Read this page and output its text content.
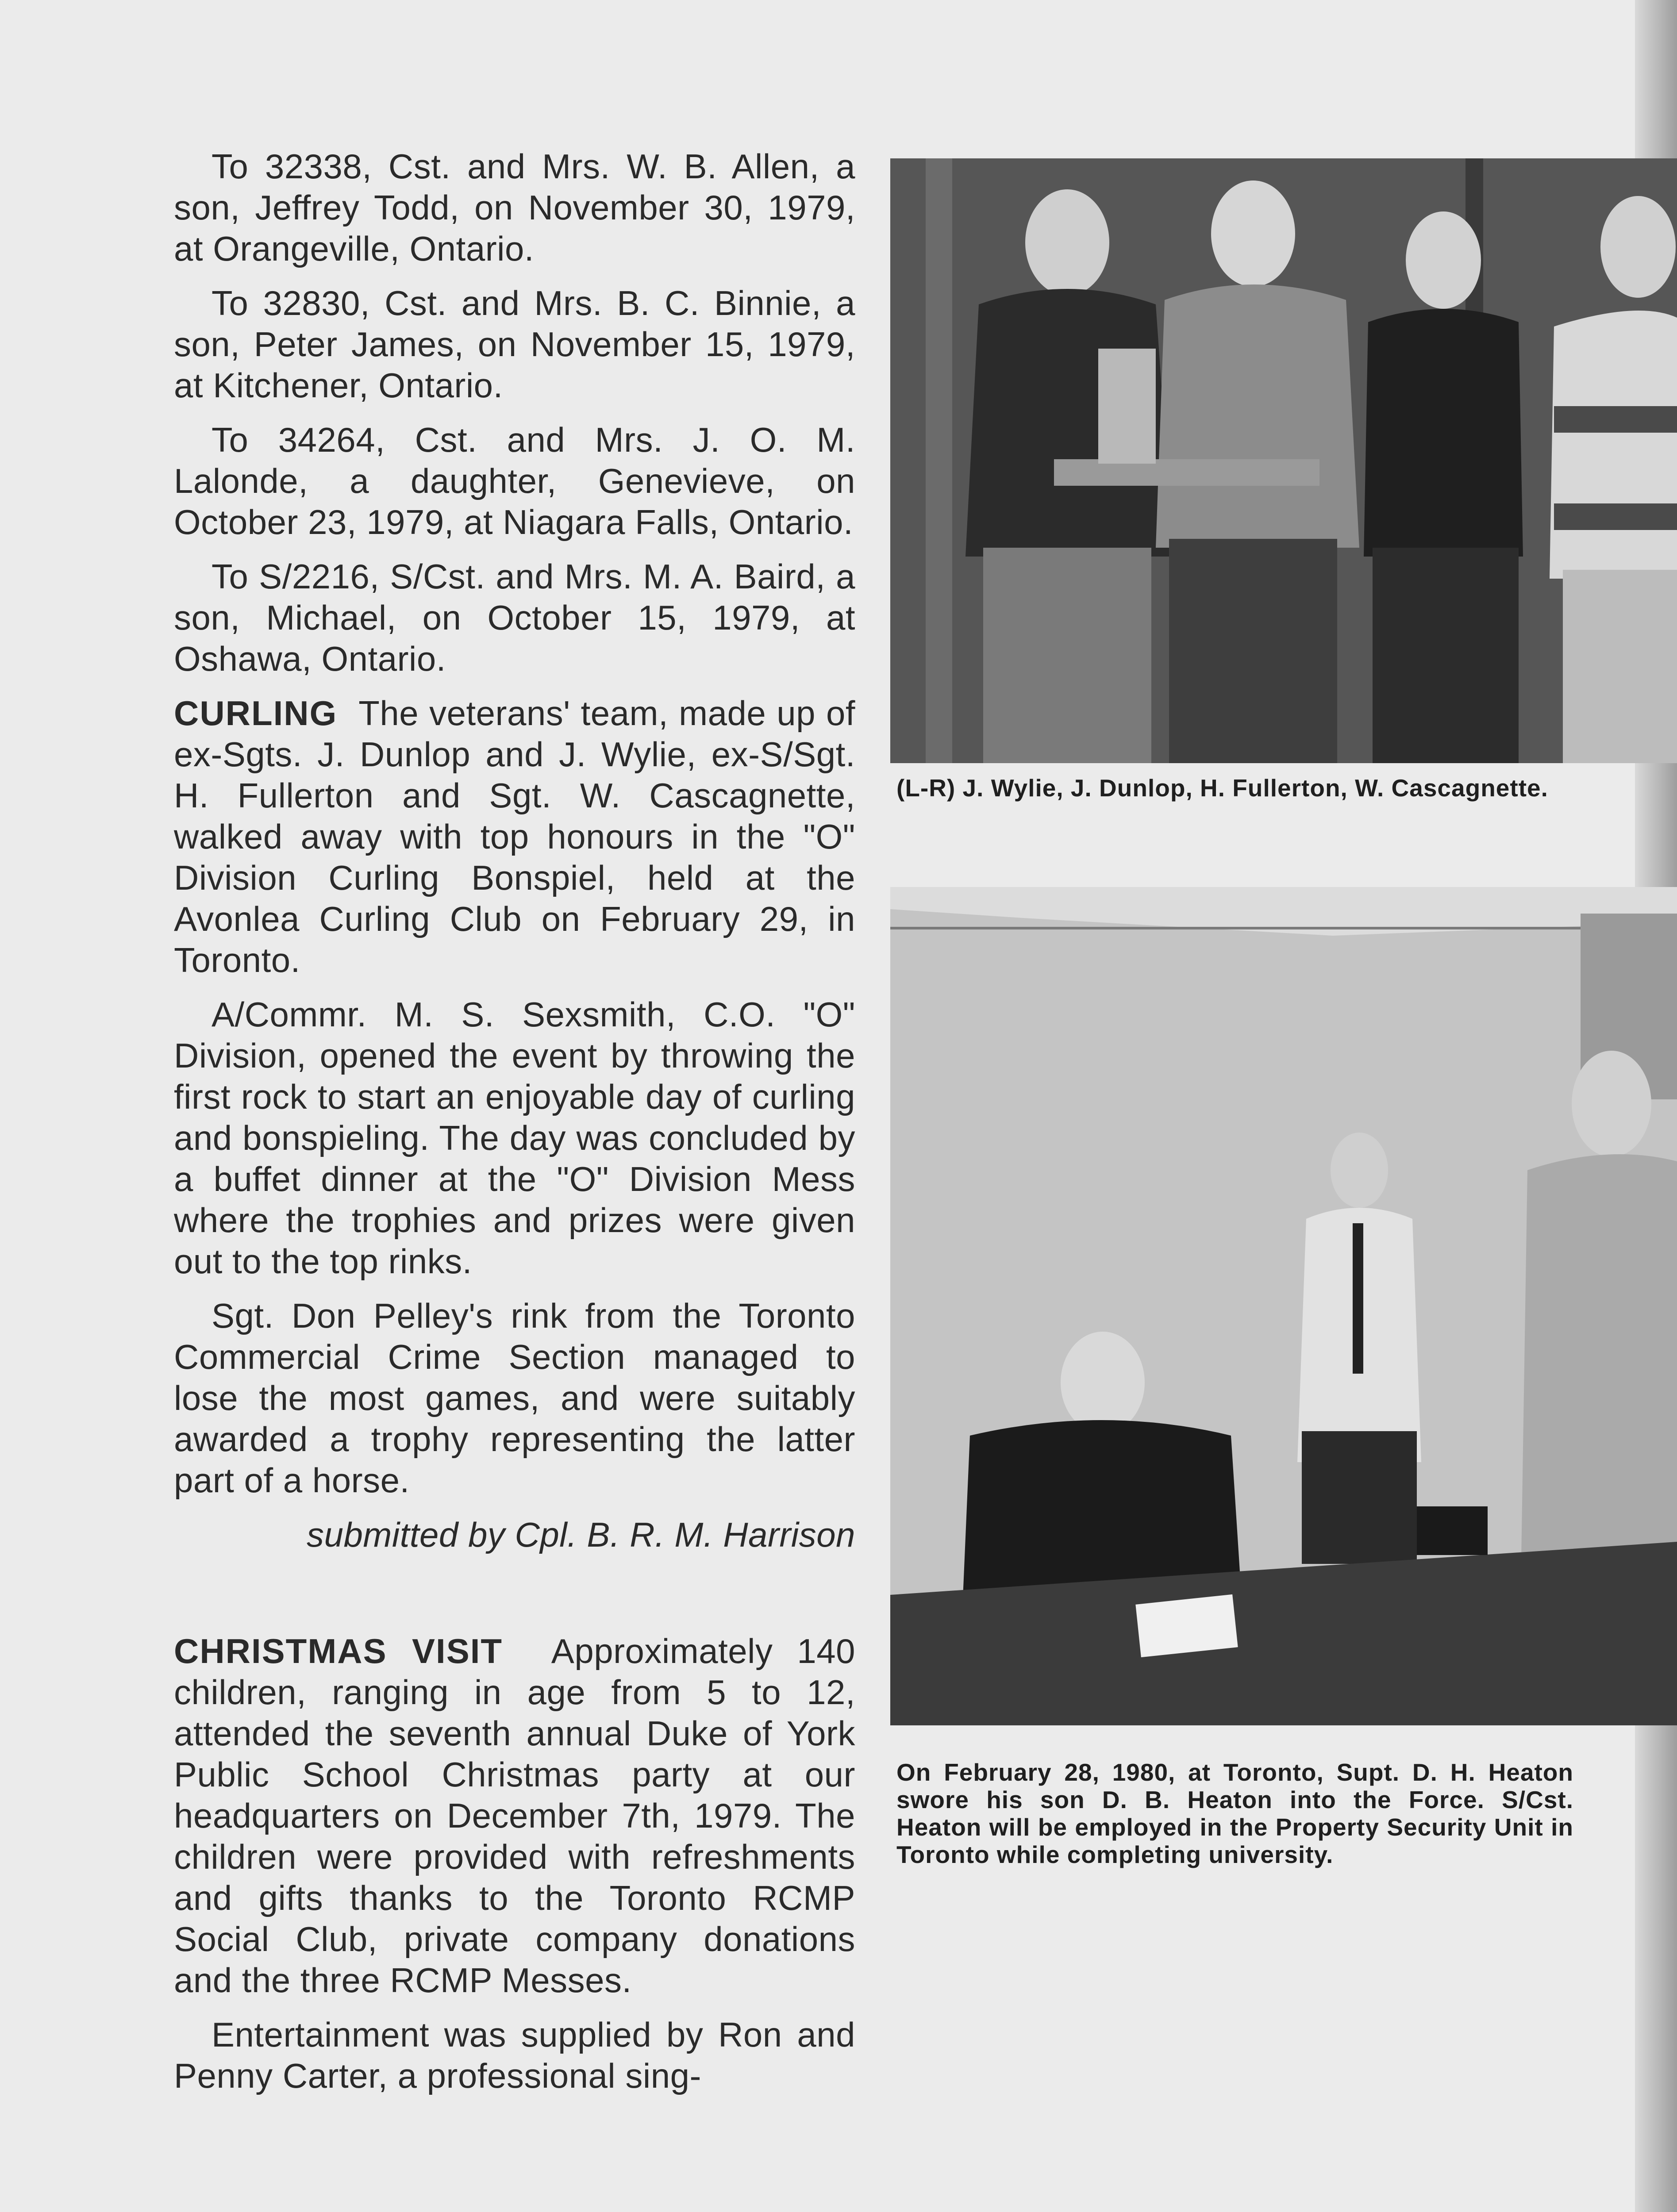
To 32338, Cst. and Mrs. W. B. Allen, a son, Jeffrey Todd, on November 30, 1979, at Orangeville, Ontario.

To 32830, Cst. and Mrs. B. C. Binnie, a son, Peter James, on November 15, 1979, at Kitchener, Ontario.

To 34264, Cst. and Mrs. J. O. M. Lalonde, a daughter, Genevieve, on October 23, 1979, at Niagara Falls, Ontario.

To S/2216, S/Cst. and Mrs. M. A. Baird, a son, Michael, on October 15, 1979, at Oshawa, Ontario.

CURLING The veterans' team, made up of ex-Sgts. J. Dunlop and J. Wylie, ex-S/Sgt. H. Fullerton and Sgt. W. Cascagnette, walked away with top honours in the "O" Division Curling Bonspiel, held at the Avonlea Curling Club on February 29, in Toronto.

A/Commr. M. S. Sexsmith, C.O. "O" Division, opened the event by throwing the first rock to start an enjoyable day of curling and bonspieling. The day was concluded by a buffet dinner at the "O" Division Mess where the trophies and prizes were given out to the top rinks.

Sgt. Don Pelley's rink from the Toronto Commercial Crime Section managed to lose the most games, and were suitably awarded a trophy representing the latter part of a horse.

submitted by Cpl. B. R. M. Harrison

CHRISTMAS VISIT Approximately 140 children, ranging in age from 5 to 12, attended the seventh annual Duke of York Public School Christmas party at our headquarters on December 7th, 1979. The children were provided with refreshments and gifts thanks to the Toronto RCMP Social Club, private company donations and the three RCMP Messes.

Entertainment was supplied by Ron and Penny Carter, a professional sing-

(L-R) J. Wylie, J. Dunlop, H. Fullerton, W. Cascagnette.
On February 28, 1980, at Toronto, Supt. D. H. Heaton swore his son D. B. Heaton into the Force. S/Cst. Heaton will be employed in the Property Security Unit in Toronto while completing university.
